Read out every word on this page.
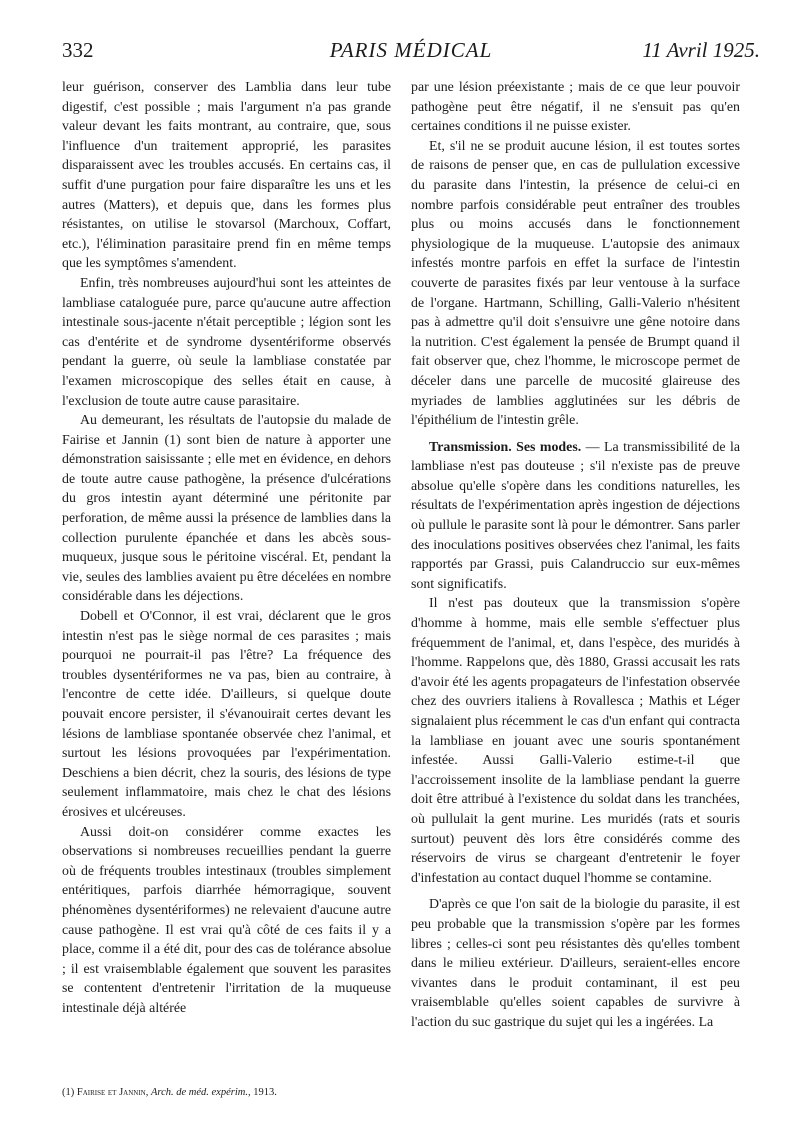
332	PARIS MÉDICAL	11 Avril 1925.

leur guérison, conserver des Lamblia dans leur tube digestif, c'est possible ; mais l'argument n'a pas grande valeur devant les faits montrant, au contraire, que, sous l'influence d'un traitement approprié, les parasites disparaissent avec les troubles accusés. En certains cas, il suffit d'une purgation pour faire disparaître les uns et les autres (Matters), et depuis que, dans les formes plus résistantes, on utilise le stovarsol (Marchoux, Coffart, etc.), l'élimination parasitaire prend fin en même temps que les symptômes s'amendent.

Enfin, très nombreuses aujourd'hui sont les atteintes de lambliase cataloguée pure, parce qu'aucune autre affection intestinale sous-jacente n'était perceptible ; légion sont les cas d'entérite et de syndrome dysentériforme observés pendant la guerre, où seule la lambliase constatée par l'examen microscopique des selles était en cause, à l'exclusion de toute autre cause parasitaire.

Au demeurant, les résultats de l'autopsie du malade de Fairise et Jannin (1) sont bien de nature à apporter une démonstration saisissante ; elle met en évidence, en dehors de toute autre cause pathogène, la présence d'ulcérations du gros intestin ayant déterminé une péritonite par perforation, de même aussi la présence de lamblies dans la collection purulente épanchée et dans les abcès sous-muqueux, jusque sous le péritoine viscéral. Et, pendant la vie, seules des lamblies avaient pu être décelées en nombre considérable dans les déjections.

Dobell et O'Connor, il est vrai, déclarent que le gros intestin n'est pas le siège normal de ces parasites ; mais pourquoi ne pourrait-il pas l'être? La fréquence des troubles dysentériformes ne va pas, bien au contraire, à l'encontre de cette idée. D'ailleurs, si quelque doute pouvait encore persister, il s'évanouirait certes devant les lésions de lambliase spontanée observée chez l'animal, et surtout les lésions provoquées par l'expérimentation. Deschiens a bien décrit, chez la souris, des lésions de type seulement inflammatoire, mais chez le chat des lésions érosives et ulcéreuses.

Aussi doit-on considérer comme exactes les observations si nombreuses recueillies pendant la guerre où de fréquents troubles intestinaux (troubles simplement entéritiques, parfois diarrhée hémorragique, souvent phénomènes dysentériformes) ne relevaient d'aucune autre cause pathogène. Il est vrai qu'à côté de ces faits il y a place, comme il a été dit, pour des cas de tolérance absolue ; il est vraisemblable également que souvent les parasites se contentent d'entretenir l'irritation de la muqueuse intestinale déjà altérée

(1) Fairise et Jannin, Arch. de méd. expérim., 1913.

par une lésion préexistante ; mais de ce que leur pouvoir pathogène peut être négatif, il ne s'ensuit pas qu'en certaines conditions il ne puisse exister.

Et, s'il ne se produit aucune lésion, il est toutes sortes de raisons de penser que, en cas de pullulation excessive du parasite dans l'intestin, la présence de celui-ci en nombre parfois considérable peut entraîner des troubles plus ou moins accusés dans le fonctionnement physiologique de la muqueuse. L'autopsie des animaux infestés montre parfois en effet la surface de l'intestin couverte de parasites fixés par leur ventouse à la surface de l'organe. Hartmann, Schilling, Galli-Valerio n'hésitent pas à admettre qu'il doit s'ensuivre une gêne notoire dans la nutrition. C'est également la pensée de Brumpt quand il fait observer que, chez l'homme, le microscope permet de déceler dans une parcelle de mucosité glaireuse des myriades de lamblies agglutinées sur les débris de l'épithélium de l'intestin grêle.

Transmission. Ses modes. — La transmissibilité de la lambliase n'est pas douteuse ; s'il n'existe pas de preuve absolue qu'elle s'opère dans les conditions naturelles, les résultats de l'expérimentation après ingestion de déjections où pullule le parasite sont là pour le démontrer. Sans parler des inoculations positives observées chez l'animal, les faits rapportés par Grassi, puis Calandruccio sur eux-mêmes sont significatifs.

Il n'est pas douteux que la transmission s'opère d'homme à homme, mais elle semble s'effectuer plus fréquemment de l'animal, et, dans l'espèce, des muridés à l'homme. Rappelons que, dès 1880, Grassi accusait les rats d'avoir été les agents propagateurs de l'infestation observée chez des ouvriers italiens à Rovallesca ; Mathis et Léger signalaient plus récemment le cas d'un enfant qui contracta la lambliase en jouant avec une souris spontanément infestée. Aussi Galli-Valerio estime-t-il que l'accroissement insolite de la lambliase pendant la guerre doit être attribué à l'existence du soldat dans les tranchées, où pullulait la gent murine. Les muridés (rats et souris surtout) peuvent dès lors être considérés comme des réservoirs de virus se chargeant d'entretenir le foyer d'infestation au contact duquel l'homme se contamine.

D'après ce que l'on sait de la biologie du parasite, il est peu probable que la transmission s'opère par les formes libres ; celles-ci sont peu résistantes dès qu'elles tombent dans le milieu extérieur. D'ailleurs, seraient-elles encore vivantes dans le produit contaminant, il est peu vraisemblable qu'elles soient capables de survivre à l'action du suc gastrique du sujet qui les a ingérées. La
